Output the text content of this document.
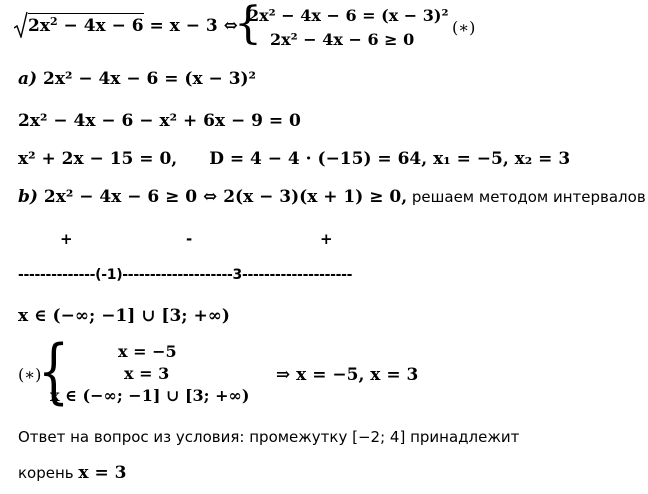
$2x^2 - 4x - 6 = x - 3$ ⇔
{
2x² − 4x − 6 = (x − 3)²
2x² − 4x − 6 ≥ 0
(∗)
a) 2x² − 4x − 6 = (x − 3)²
2x² − 4x − 6 − x² + 6x − 9 = 0
x² + 2x − 15 = 0, D = 4 − 4 · (−15) = 64, x₁ = −5, x₂ = 3
b) 2x² − 4x − 6 ≥ 0 ⇔ 2(x − 3)(x + 1) ≥ 0, решаем методом интервалов
+	-	+
--------------(-1)--------------------3--------------------
x ∈ (−∞; −1] ∪ [3; +∞)
(∗)
{	x = −5
x = 3
x ∈ (−∞; −1] ∪ [3; +∞)
⇒ x = −5, x = 3
Ответ на вопрос из условия: промежутку [−2; 4] принадлежит
корень x = 3
